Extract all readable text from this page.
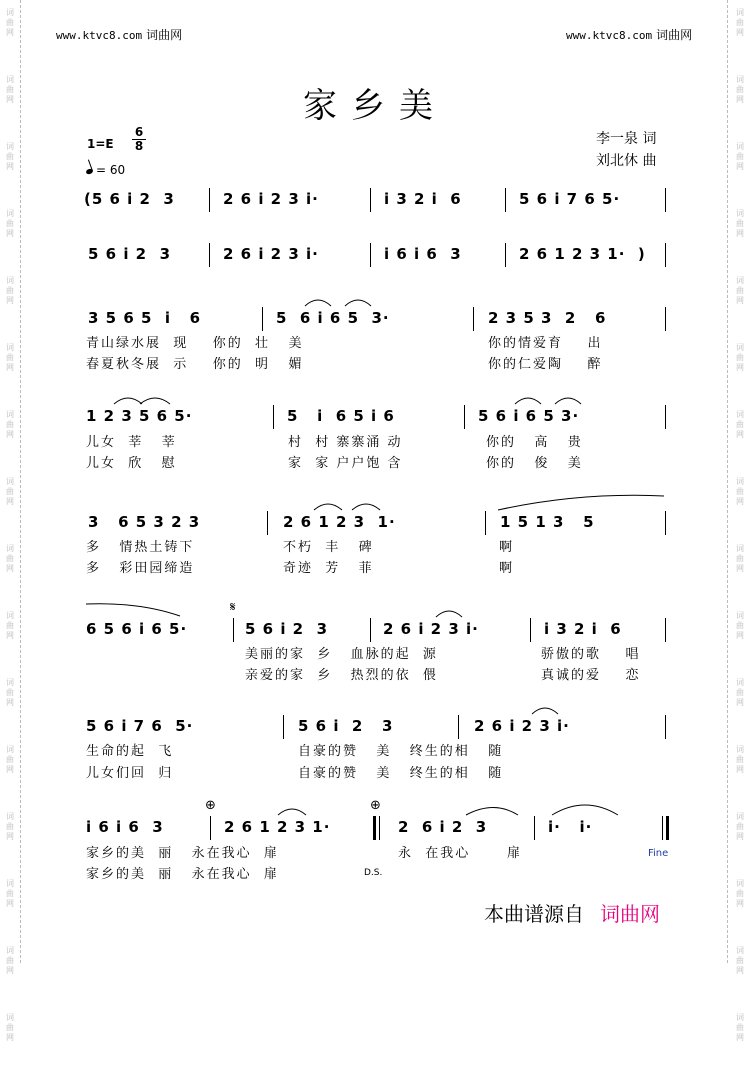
词
曲
网
词
曲
网
词
曲
网
词
曲
网
词
曲
网
词
曲
网
词
曲
网
词
曲
网
词
曲
网
词
曲
网
词
曲
网
词
曲
网
词
曲
网
词
曲
网
词
曲
网
词
曲
网
词
曲
网
词
曲
网
词
曲
网
词
曲
网
词
曲
网
词
曲
网
词
曲
网
词
曲
网
词
曲
网
词
曲
网
词
曲
网
词
曲
网
词
曲
网
词
曲
网
词
曲
网
词
曲
网
www.ktvc8.com 词曲网	www.ktvc8.com 词曲网
家乡美
1=E
6
8
= 60
李一泉 词
刘北休 曲
(5 6 i 2  3	2 6 i 2 3 i·	i 3 2 i  6	5 6 i 7 6 5·
5 6 i 2  3	2 6 i 2 3 i·	i 6 i 6  3	2 6 1 2 3 1·  )
3 5 6 5  i   6	5  6 i 6 5  3·	2 3 5 3  2   6
青山绿水展  现    你的  壮   美	你的情爱育    出
春夏秋冬展  示    你的  明   媚	你的仁爱陶    醉
1 2 3 5 6 5·	5   i  6 5 i 6	5 6 i 6 5 3·
儿女  莘   莘	村  村 寨寨涌 动	你的   高   贵
儿女  欣   慰	家  家 户户饱 含	你的   俊   美
3   6 5 3 2 3	2 6 1 2 3  1·	1 5 1 3   5
多   情热土铸下	不朽  丰   碑	啊
多   彩田园缔造	奇迹  芳   菲	啊
𝄋
6 5 6 i 6 5·	5 6 i 2  3	2 6 i 2 3 i·	i 3 2 i  6
美丽的家  乡   血脉的起  源	骄傲的歌    唱
亲爱的家  乡   热烈的依  偎	真诚的爱    恋
5 6 i 7 6  5·	5 6 i  2   3	2 6 i 2 3 i·
生命的起  飞	自豪的赞   美   终生的相   随
儿女们回  归	自豪的赞   美   终生的相   随
⊕	⊕
i 6 i 6  3	2 6 1 2 3 1·	2  6 i 2  3	i·   i·
家乡的美  丽   永在我心  扉	永  在我心      扉	Fine
家乡的美  丽   永在我心  扉	D.S.
本曲谱源自 词曲网
